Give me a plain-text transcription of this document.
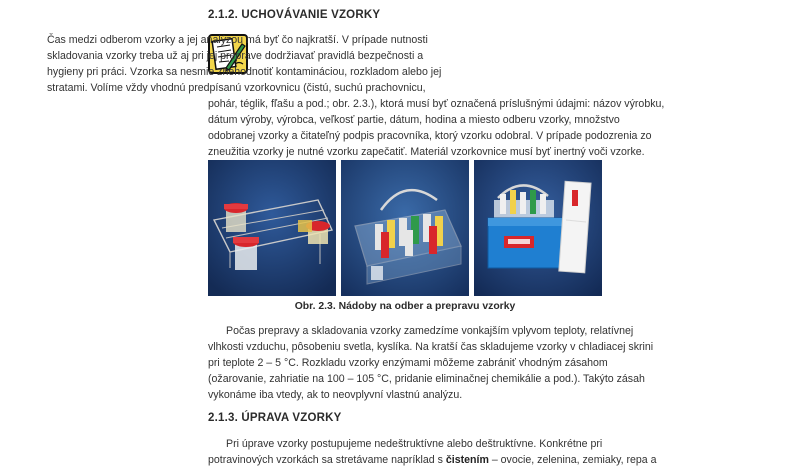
2.1.2. UCHOVÁVANIE VZORKY
Čas medzi odberom vzorky a jej analýzou má byť čo najkratší. V prípade nutnosti
skladovania vzorky treba už aj pri jej preprave dodržiavať pravidlá bezpečnosti a
hygieny pri práci. Vzorka sa nesmie znehodnotiť kontamináciou, rozkladom alebo jej
stratami. Volíme vždy vhodnú predpísanú vzorkovnicu (čistú, suchú prachovnicu,
pohár, téglik, fľašu a pod.; obr. 2.3.), ktorá musí byť označená príslušnými údajmi: názov výrobku,
dátum výroby, výrobca, veľkosť partie, dátum, hodina a miesto odberu vzorky, množstvo
odobranej vzorky a čitateľný podpis pracovníka, ktorý vzorku odobral. V prípade podozrenia zo
zneužitia vzorky je nutné vzorku zapečatiť. Materiál vzorkovnice musí byť inertný voči vzorke.

Obr. 2.3. Nádoby na odber a prepravu vzorky

Počas prepravy a skladovania vzorky zamedzíme vonkajším vplyvom teploty, relatívnej
vlhkosti vzduchu, pôsobeniu svetla, kyslíka. Na kratší čas skladujeme vzorky v chladiacej skrini
pri teplote 2 – 5 °C. Rozkladu vzorky enzýmami môžeme zabrániť vhodným zásahom
(ožarovanie, zahriatie na 100 – 105 °C, pridanie eliminačnej chemikálie a pod.). Takýto zásah
vykonáme iba vtedy, ak to neovplyvní vlastnú analýzu.
2.1.3. ÚPRAVA VZORKY
Pri úprave vzorky postupujeme nedeštruktívne alebo deštruktívne. Konkrétne pri
potravinových vzorkách sa stretávame napríklad s čistením – ovocie, zelenina, zemiaky, repa a
